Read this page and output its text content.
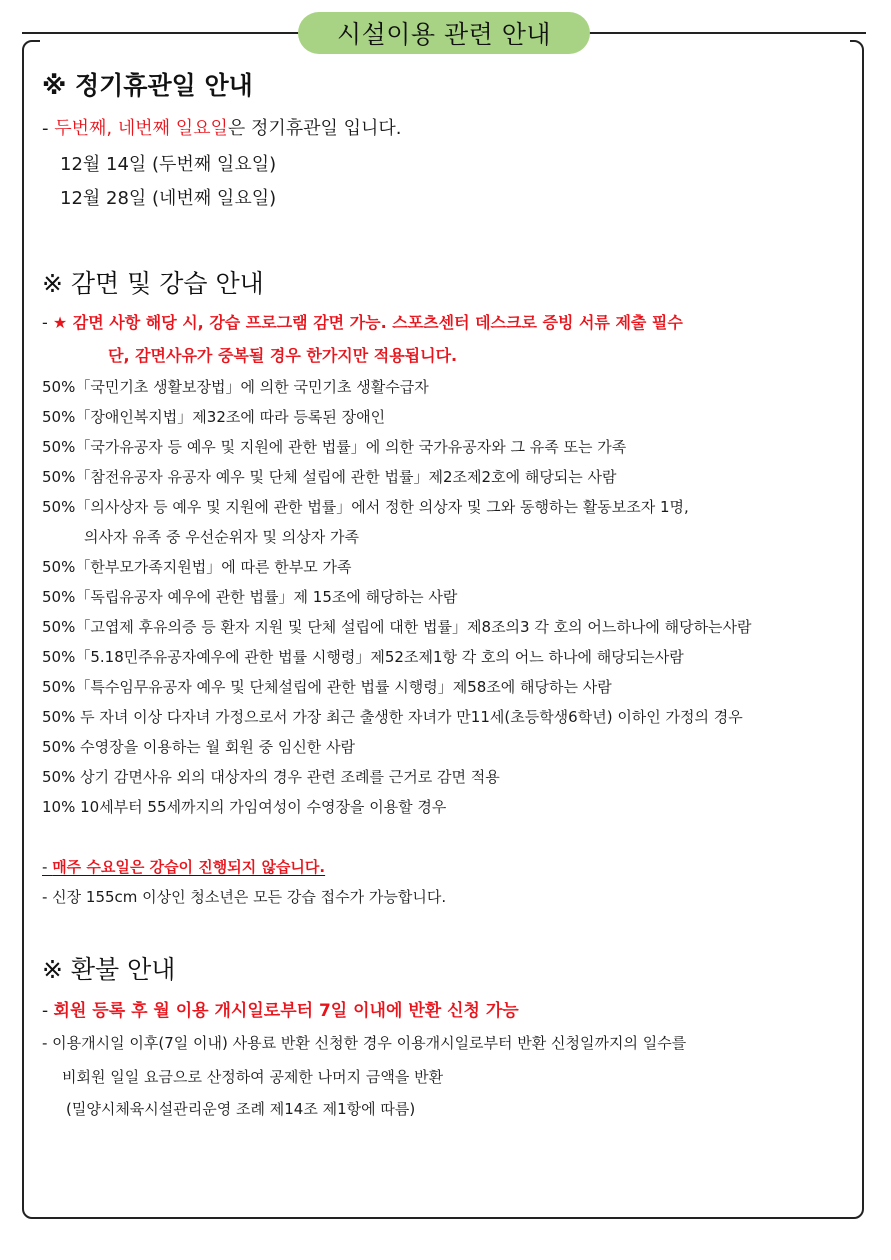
시설이용 관련 안내
※ 정기휴관일 안내
- 두번째, 네번째 일요일은 정기휴관일 입니다.
12월 14일 (두번째 일요일)
12월 28일 (네번째 일요일)
※ 감면 및 강습 안내
- ★ 감면 사항 해당 시, 강습 프로그램 감면 가능. 스포츠센터 데스크로 증빙 서류 제출 필수
단, 감면사유가 중복될 경우 한가지만 적용됩니다.
50%「국민기초 생활보장법」에 의한 국민기초 생활수급자
50%「장애인복지법」제32조에 따라 등록된 장애인
50%「국가유공자 등 예우 및 지원에 관한 법률」에 의한 국가유공자와 그 유족 또는 가족
50%「참전유공자 유공자 예우 및 단체 설립에 관한 법률」제2조제2호에 해당되는 사람
50%「의사상자 등 예우 및 지원에 관한 법률」에서 정한 의상자 및 그와 동행하는 활동보조자 1명,
의사자 유족 중 우선순위자 및 의상자 가족
50%「한부모가족지원법」에 따른 한부모 가족
50%「독립유공자 예우에 관한 법률」제 15조에 해당하는 사람
50%「고엽제 후유의증 등 환자 지원 및 단체 설립에 대한 법률」제8조의3 각 호의 어느하나에 해당하는사람
50%「5.18민주유공자예우에 관한 법률 시행령」제52조제1항 각 호의 어느 하나에 해당되는사람
50%「특수임무유공자 예우 및 단체설립에 관한 법률 시행령」제58조에 해당하는 사람
50% 두 자녀 이상 다자녀 가정으로서 가장 최근 출생한 자녀가 만11세(초등학생6학년) 이하인 가정의 경우
50% 수영장을 이용하는 월 회원 중 임신한 사람
50% 상기 감면사유 외의 대상자의 경우 관련 조례를 근거로 감면 적용
10% 10세부터 55세까지의 가임여성이 수영장을 이용할 경우
- 매주 수요일은 강습이 진행되지 않습니다.
- 신장 155cm 이상인 청소년은 모든 강습 접수가 가능합니다.
※ 환불 안내
- 회원 등록 후 월 이용 개시일로부터 7일 이내에 반환 신청 가능
- 이용개시일 이후(7일 이내) 사용료 반환 신청한 경우 이용개시일로부터 반환 신청일까지의 일수를
비회원 일일 요금으로 산정하여 공제한 나머지 금액을 반환
(밀양시체육시설관리운영 조례 제14조 제1항에 따름)
